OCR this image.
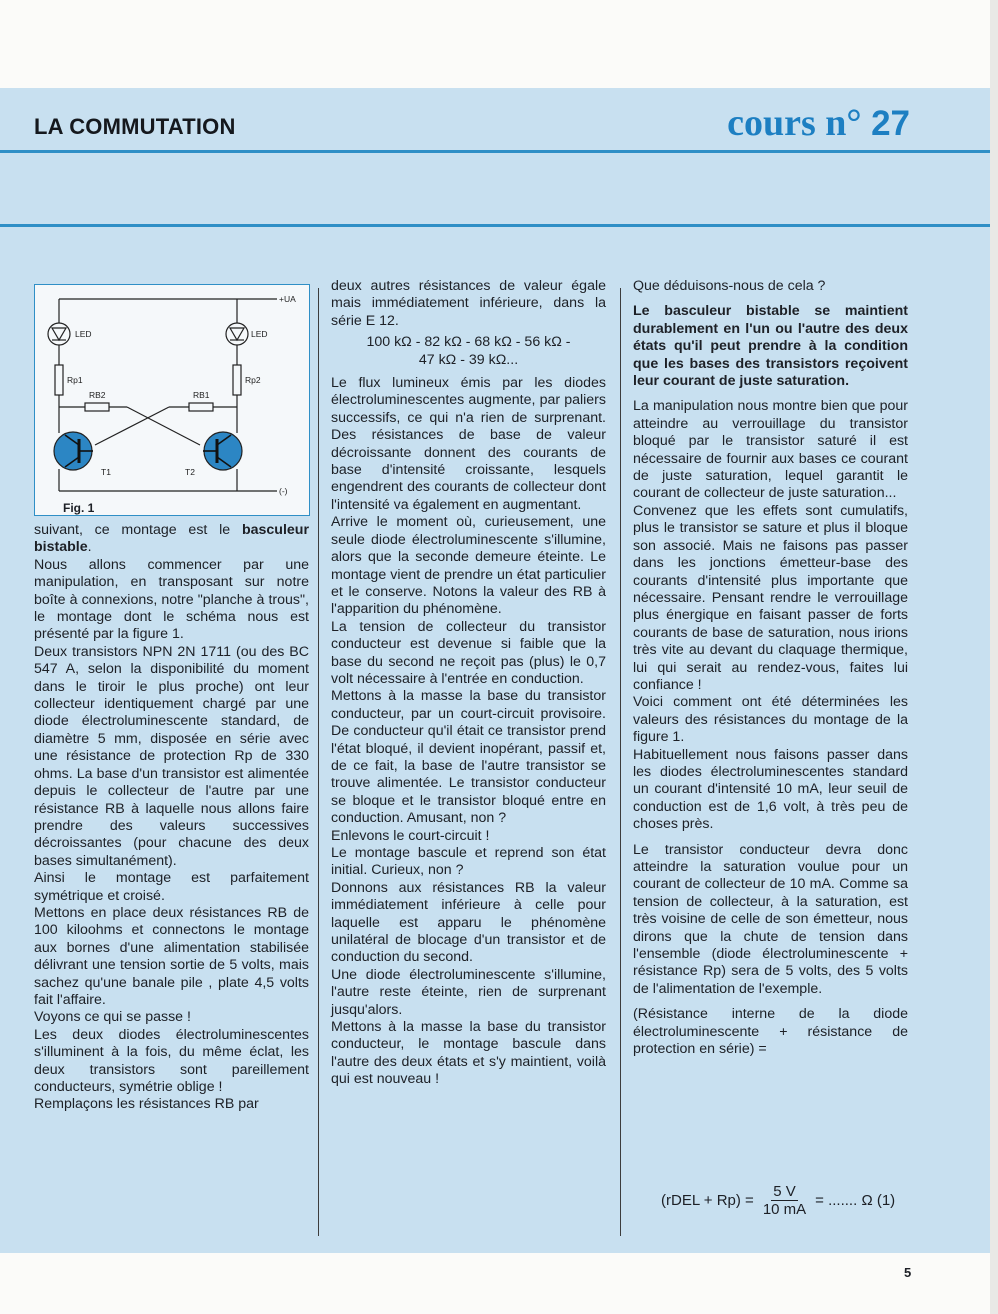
LA COMMUTATION	cours n° 27
+UA
(-)
LED	LED
Rp1	Rp2
RB2	RB1
T1	T2
Fig. 1

suivant, ce montage est le basculeur bistable.

Nous allons commencer par une manipulation, en transposant sur notre boîte à connexions, notre "planche à trous", le montage dont le schéma nous est présenté par la figure 1.

Deux transistors NPN 2N 1711 (ou des BC 547 A, selon la disponibilité du moment dans le tiroir le plus proche) ont leur collecteur identiquement chargé par une diode électroluminescente standard, de diamètre 5 mm, disposée en série avec une résistance de protection Rp de 330 ohms. La base d'un transistor est alimentée depuis le collecteur de l'autre par une résistance RB à laquelle nous allons faire prendre des valeurs successives décroissantes (pour chacune des deux bases simultanément).

Ainsi le montage est parfaitement symétrique et croisé.

Mettons en place deux résistances RB de 100 kiloohms et connectons le montage aux bornes d'une alimentation stabilisée délivrant une tension sortie de 5 volts, mais sachez qu'une banale pile , plate 4,5 volts fait l'affaire.

Voyons ce qui se passe !

Les deux diodes électroluminescentes s'illuminent à la fois, du même éclat, les deux transistors sont pareillement conducteurs, symétrie oblige !

Remplaçons les résistances RB par

deux autres résistances de valeur égale mais immédiatement inférieure, dans la série E 12.

100 kΩ - 82 kΩ - 68 kΩ - 56 kΩ -
47 kΩ - 39 kΩ...

Le flux lumineux émis par les diodes électroluminescentes augmente, par paliers successifs, ce qui n'a rien de surprenant. Des résistances de base de valeur décroissante donnent des courants de base d'intensité croissante, lesquels engendrent des courants de collecteur dont l'intensité va également en augmentant.

Arrive le moment où, curieusement, une seule diode électroluminescente s'illumine, alors que la seconde demeure éteinte. Le montage vient de prendre un état particulier et le conserve. Notons la valeur des RB à l'apparition du phénomène.

La tension de collecteur du transistor conducteur est devenue si faible que la base du second ne reçoit pas (plus) le 0,7 volt nécessaire à l'entrée en conduction.

Mettons à la masse la base du transistor conducteur, par un court-circuit provisoire. De conducteur qu'il était ce transistor prend l'état bloqué, il devient inopérant, passif et, de ce fait, la base de l'autre transistor se trouve alimentée. Le transistor conducteur se bloque et le transistor bloqué entre en conduction. Amusant, non ?

Enlevons le court-circuit !

Le montage bascule et reprend son état initial. Curieux, non ?

Donnons aux résistances RB la valeur immédiatement inférieure à celle pour laquelle est apparu le phénomène unilatéral de blocage d'un transistor et de conduction du second.

Une diode électroluminescente s'illumine, l'autre reste éteinte, rien de surprenant jusqu'alors.

Mettons à la masse la base du transistor conducteur, le montage bascule dans l'autre des deux états et s'y maintient, voilà qui est nouveau !

Que déduisons-nous de cela ?

Le basculeur bistable se maintient durablement en l'un ou l'autre des deux états qu'il peut prendre à la condition que les bases des transistors reçoivent leur courant de juste saturation.

La manipulation nous montre bien que pour atteindre au verrouillage du transistor bloqué par le transistor saturé il est nécessaire de fournir aux bases ce courant de juste saturation, lequel garantit le courant de collecteur de juste saturation...

Convenez que les effets sont cumulatifs, plus le transistor se sature et plus il bloque son associé. Mais ne faisons pas passer dans les jonctions émetteur-base des courants d'intensité plus importante que nécessaire. Pensant rendre le verrouillage plus énergique en faisant passer de forts courants de base de saturation, nous irions très vite au devant du claquage thermique, lui qui serait au rendez-vous, faites lui confiance !

Voici comment ont été déterminées les valeurs des résistances du montage de la figure 1.

Habituellement nous faisons passer dans les diodes électroluminescentes standard un courant d'intensité 10 mA, leur seuil de conduction est de 1,6 volt, à très peu de choses près.

Le transistor conducteur devra donc atteindre la saturation voulue pour un courant de collecteur de 10 mA. Comme sa tension de collecteur, à la saturation, est très voisine de celle de son émetteur, nous dirons que la chute de tension dans l'ensemble (diode électroluminescente + résistance Rp) sera de 5 volts, des 5 volts de l'alimentation de l'exemple.

(Résistance interne de la diode électroluminescente + résistance de protection en série) =

(rDEL + $Rp) = \frac{5 V}{10 mA}$ = ....... Ω (1)
5
